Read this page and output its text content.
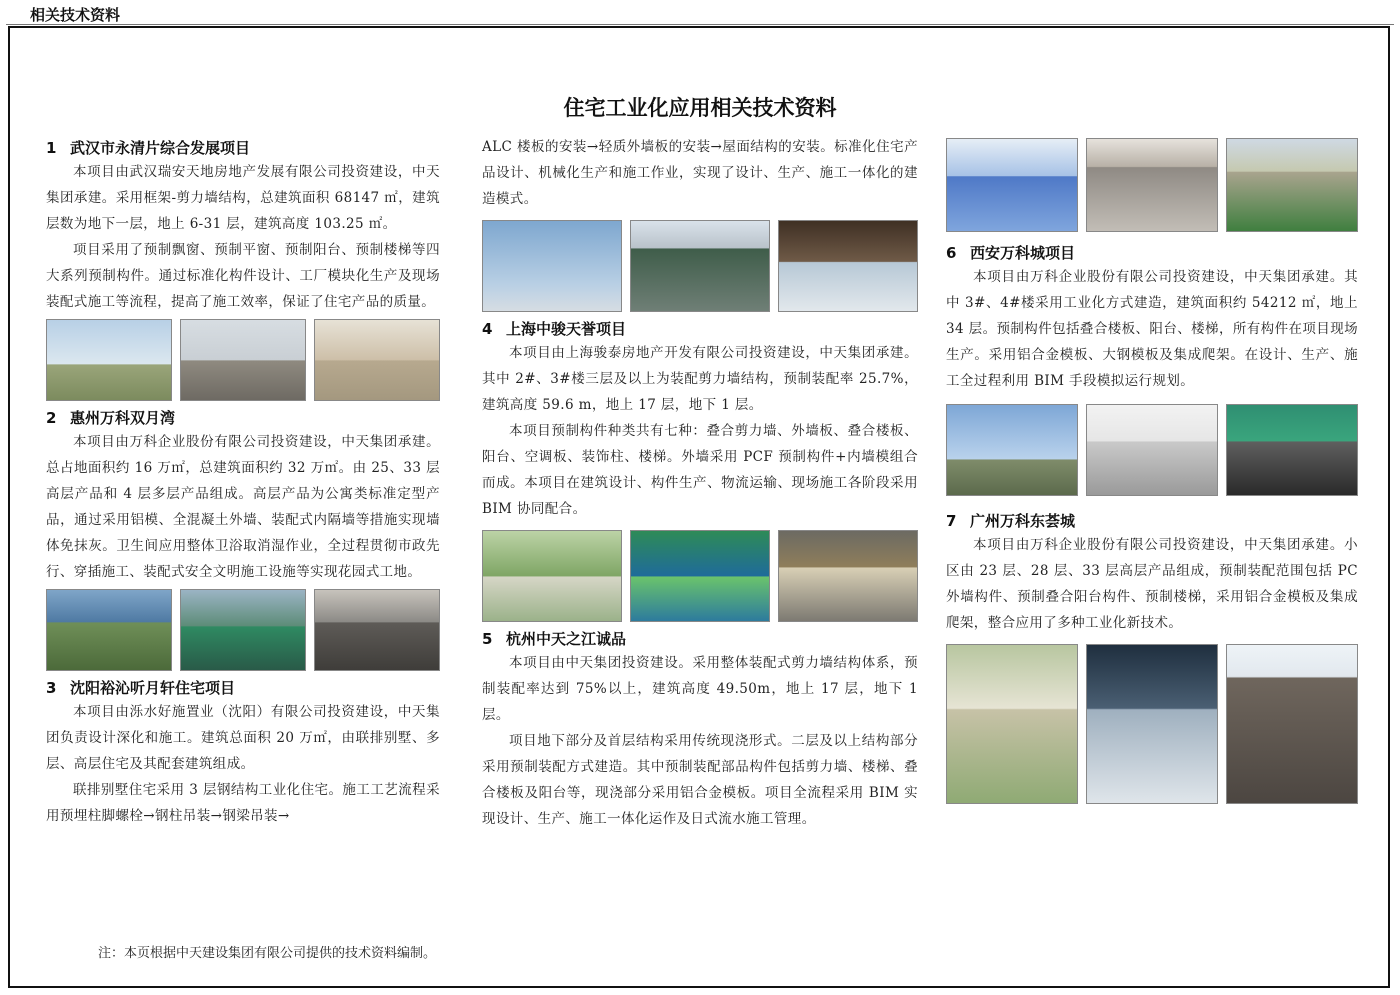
相关技术资料
住宅工业化应用相关技术资料
1 武汉市永清片综合发展项目

本项目由武汉瑞安天地房地产发展有限公司投资建设，中天集团承建。采用框架-剪力墙结构，总建筑面积 68147 ㎡，建筑层数为地下一层，地上 6-31 层，建筑高度 103.25 ㎡。

项目采用了预制飘窗、预制平窗、预制阳台、预制楼梯等四大系列预制构件。通过标准化构件设计、工厂模块化生产及现场装配式施工等流程，提高了施工效率，保证了住宅产品的质量。

2 惠州万科双月湾

本项目由万科企业股份有限公司投资建设，中天集团承建。总占地面积约 16 万㎡，总建筑面积约 32 万㎡。由 25、33 层高层产品和 4 层多层产品组成。高层产品为公寓类标准定型产品，通过采用铝模、全混凝土外墙、装配式内隔墙等措施实现墙体免抹灰。卫生间应用整体卫浴取消湿作业，全过程贯彻市政先行、穿插施工、装配式安全文明施工设施等实现花园式工地。

3 沈阳裕沁听月轩住宅项目

本项目由泺水好施置业（沈阳）有限公司投资建设，中天集团负责设计深化和施工。建筑总面积 20 万㎡，由联排别墅、多层、高层住宅及其配套建筑组成。

联排别墅住宅采用 3 层钢结构工业化住宅。施工工艺流程采用预埋柱脚螺栓→钢柱吊装→钢梁吊装→

ALC 楼板的安装→轻质外墙板的安装→屋面结构的安装。标准化住宅产品设计、机械化生产和施工作业，实现了设计、生产、施工一体化的建造模式。

4 上海中骏天誉项目

本项目由上海骏泰房地产开发有限公司投资建设，中天集团承建。其中 2#、3#楼三层及以上为装配剪力墙结构，预制装配率 25.7%，建筑高度 59.6 m，地上 17 层，地下 1 层。

本项目预制构件种类共有七种：叠合剪力墙、外墙板、叠合楼板、阳台、空调板、装饰柱、楼梯。外墙采用 PCF 预制构件+内墙模组合而成。本项目在建筑设计、构件生产、物流运输、现场施工各阶段采用 BIM 协同配合。

5 杭州中天之江诚品

本项目由中天集团投资建设。采用整体装配式剪力墙结构体系，预制装配率达到 75%以上，建筑高度 49.50m，地上 17 层，地下 1 层。

项目地下部分及首层结构采用传统现浇形式。二层及以上结构部分采用预制装配方式建造。其中预制装配部品构件包括剪力墙、楼梯、叠合楼板及阳台等，现浇部分采用铝合金模板。项目全流程采用 BIM 实现设计、生产、施工一体化运作及日式流水施工管理。

6 西安万科城项目

本项目由万科企业股份有限公司投资建设，中天集团承建。其中 3#、4#楼采用工业化方式建造，建筑面积约 54212 ㎡，地上 34 层。预制构件包括叠合楼板、阳台、楼梯，所有构件在项目现场生产。采用铝合金模板、大钢模板及集成爬架。在设计、生产、施工全过程利用 BIM 手段模拟运行规划。

7 广州万科东荟城

本项目由万科企业股份有限公司投资建设，中天集团承建。小区由 23 层、28 层、33 层高层产品组成，预制装配范围包括 PC 外墙构件、预制叠合阳台构件、预制楼梯，采用铝合金模板及集成爬架，整合应用了多种工业化新技术。

注：本页根据中天建设集团有限公司提供的技术资料编制。
